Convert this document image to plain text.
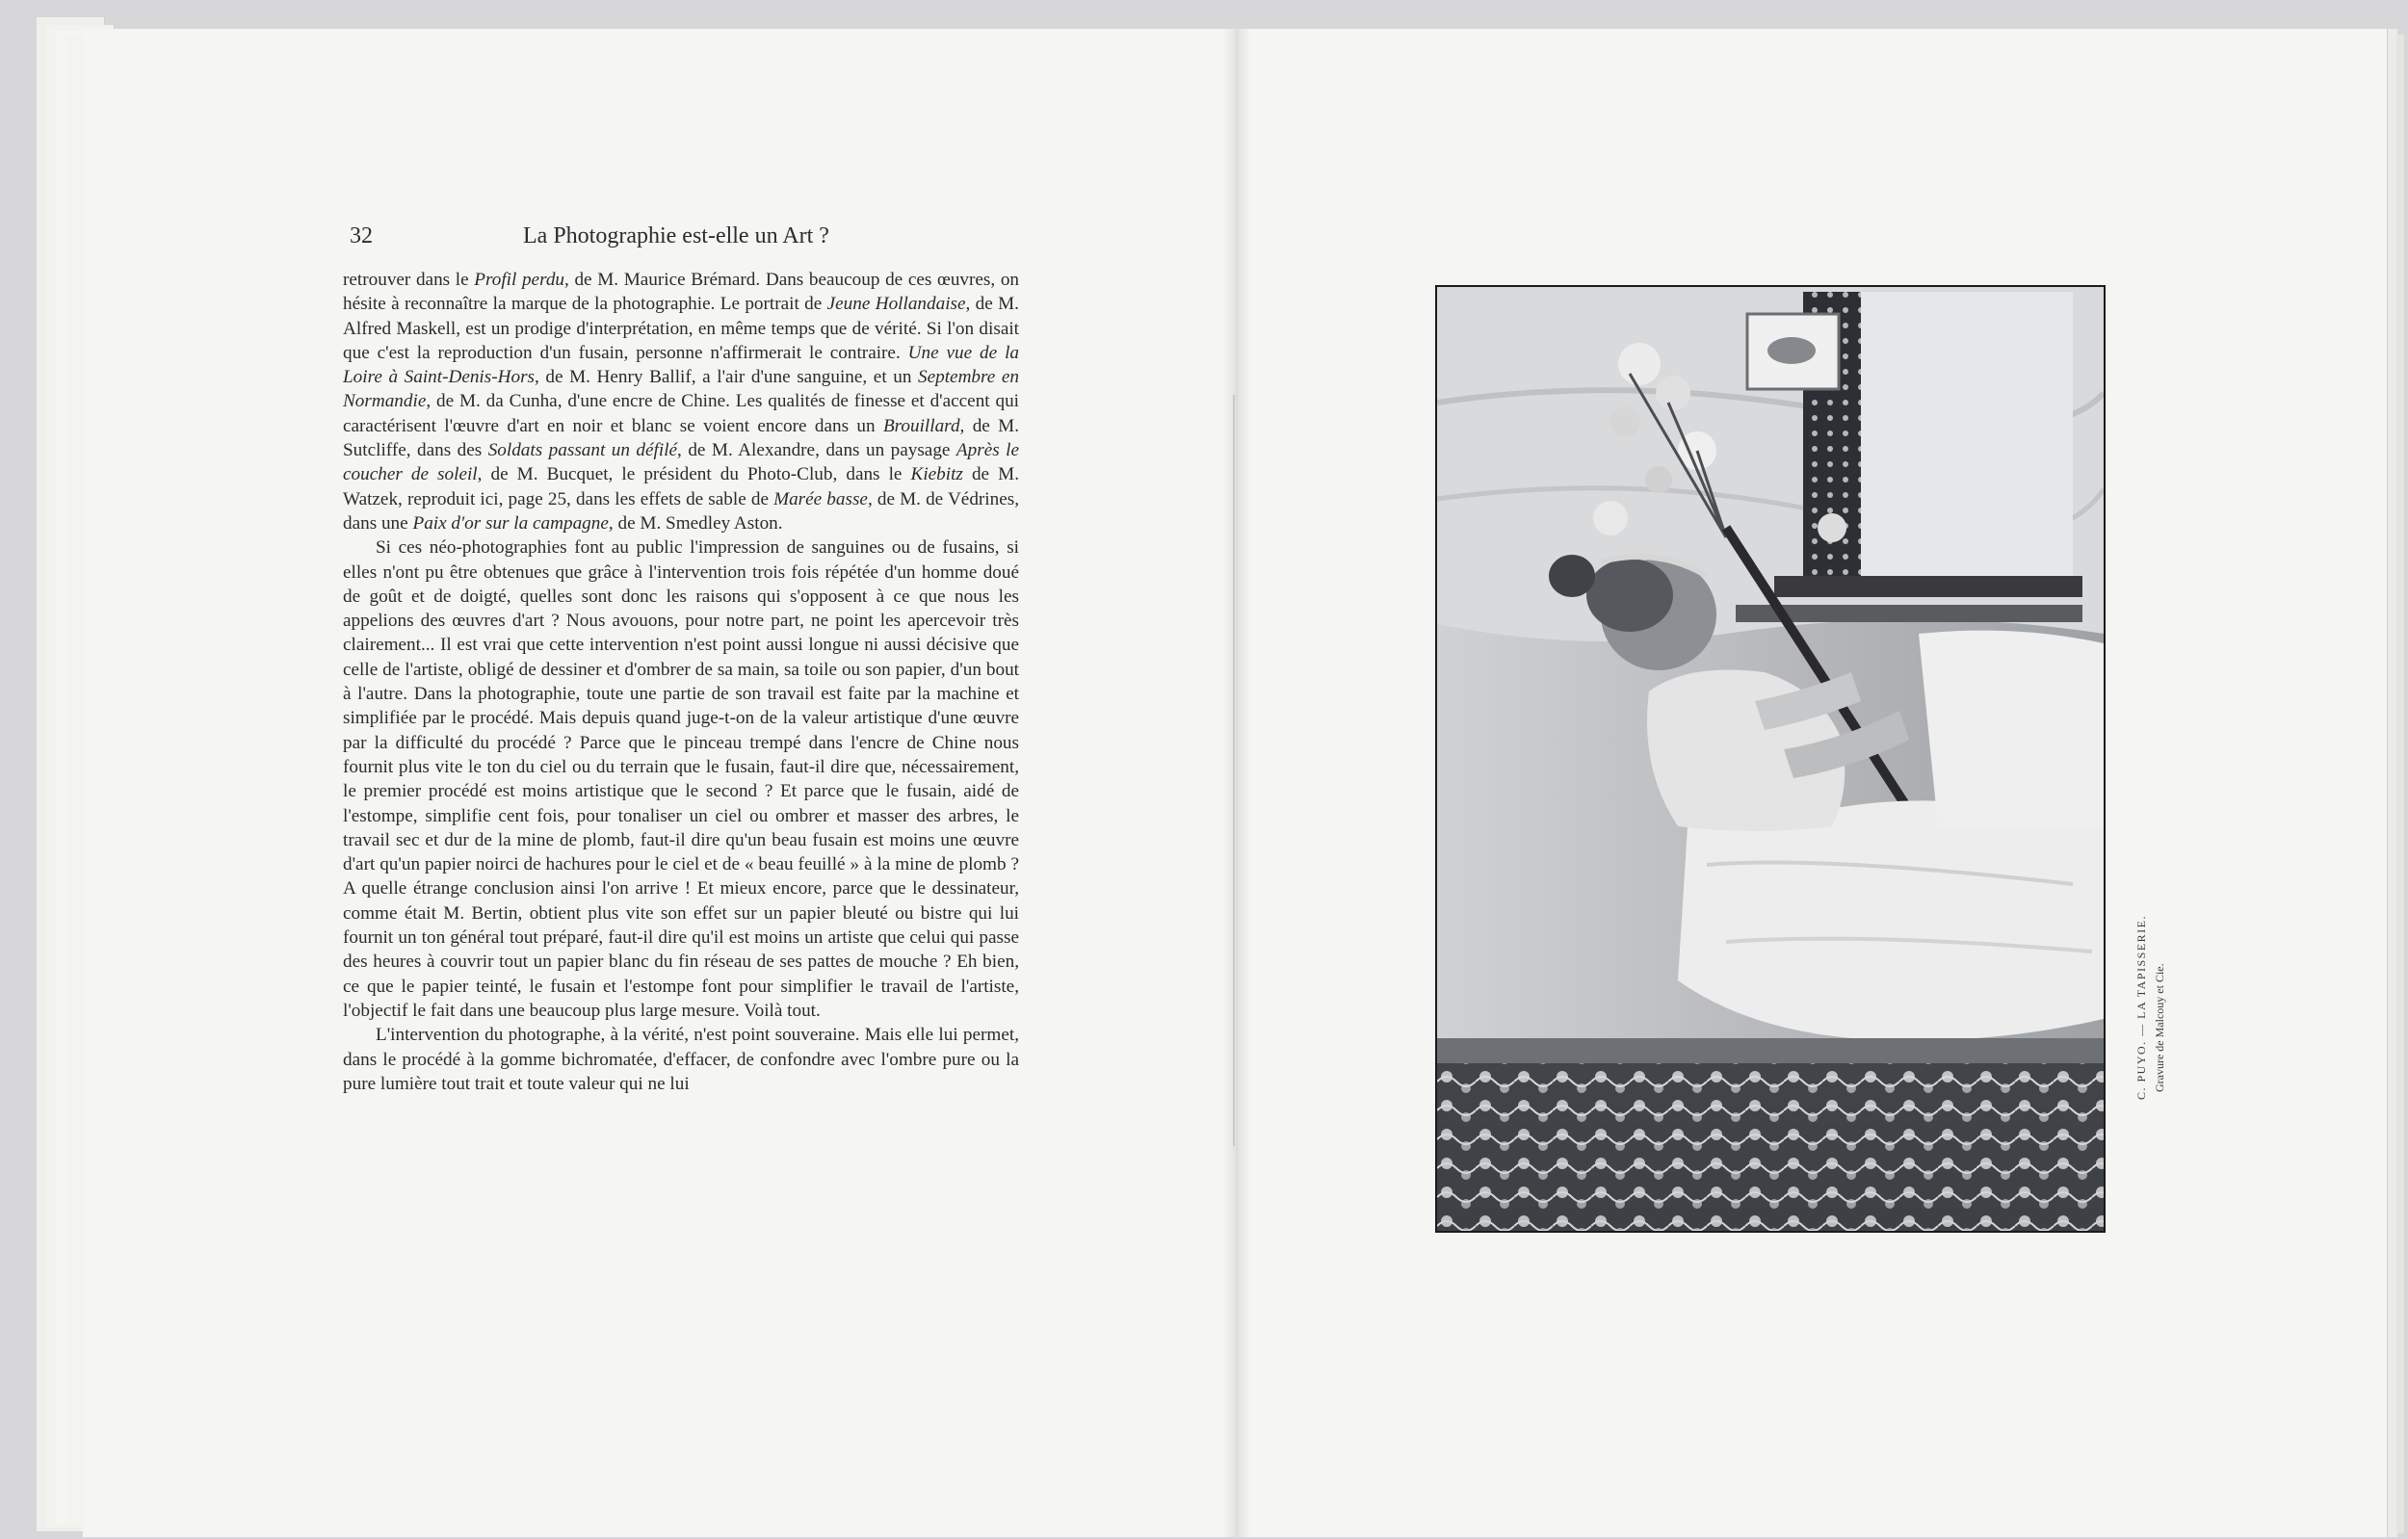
32	La Photographie est-elle un Art ?

retrouver dans le Profil perdu, de M. Maurice Brémard. Dans beaucoup de ces œuvres, on hésite à reconnaître la marque de la photographie. Le portrait de Jeune Hollandaise, de M. Alfred Maskell, est un prodige d'interprétation, en même temps que de vérité. Si l'on disait que c'est la reproduction d'un fusain, personne n'affirmerait le contraire. Une vue de la Loire à Saint-Denis-Hors, de M. Henry Ballif, a l'air d'une sanguine, et un Septembre en Normandie, de M. da Cunha, d'une encre de Chine. Les qualités de finesse et d'accent qui caractérisent l'œuvre d'art en noir et blanc se voient encore dans un Brouillard, de M. Sutcliffe, dans des Soldats passant un défilé, de M. Alexandre, dans un paysage Après le coucher de soleil, de M. Bucquet, le président du Photo-Club, dans le Kiebitz de M. Watzek, reproduit ici, page 25, dans les effets de sable de Marée basse, de M. de Védrines, dans une Paix d'or sur la campagne, de M. Smedley Aston.

Si ces néo-photographies font au public l'impression de sanguines ou de fusains, si elles n'ont pu être obtenues que grâce à l'intervention trois fois répétée d'un homme doué de goût et de doigté, quelles sont donc les raisons qui s'opposent à ce que nous les appelions des œuvres d'art ? Nous avouons, pour notre part, ne point les apercevoir très clairement... Il est vrai que cette intervention n'est point aussi longue ni aussi décisive que celle de l'artiste, obligé de dessiner et d'ombrer de sa main, sa toile ou son papier, d'un bout à l'autre. Dans la photographie, toute une partie de son travail est faite par la machine et simplifiée par le procédé. Mais depuis quand juge-t-on de la valeur artistique d'une œuvre par la difficulté du procédé ? Parce que le pinceau trempé dans l'encre de Chine nous fournit plus vite le ton du ciel ou du terrain que le fusain, faut-il dire que, nécessairement, le premier procédé est moins artistique que le second ? Et parce que le fusain, aidé de l'estompe, simplifie cent fois, pour tonaliser un ciel ou ombrer et masser des arbres, le travail sec et dur de la mine de plomb, faut-il dire qu'un beau fusain est moins une œuvre d'art qu'un papier noirci de hachures pour le ciel et de « beau feuillé » à la mine de plomb ? A quelle étrange conclusion ainsi l'on arrive ! Et mieux encore, parce que le dessinateur, comme était M. Bertin, obtient plus vite son effet sur un papier bleuté ou bistre qui lui fournit un ton général tout préparé, faut-il dire qu'il est moins un artiste que celui qui passe des heures à couvrir tout un papier blanc du fin réseau de ses pattes de mouche ? Eh bien, ce que le papier teinté, le fusain et l'estompe font pour simplifier le travail de l'artiste, l'objectif le fait dans une beaucoup plus large mesure. Voilà tout.

L'intervention du photographe, à la vérité, n'est point souveraine. Mais elle lui permet, dans le procédé à la gomme bichromatée, d'effacer, de confondre avec l'ombre pure ou la pure lumière tout trait et toute valeur qui ne lui	C. PUYO. — LA TAPISSERIE. Gravure de Malcouy et Cie.
